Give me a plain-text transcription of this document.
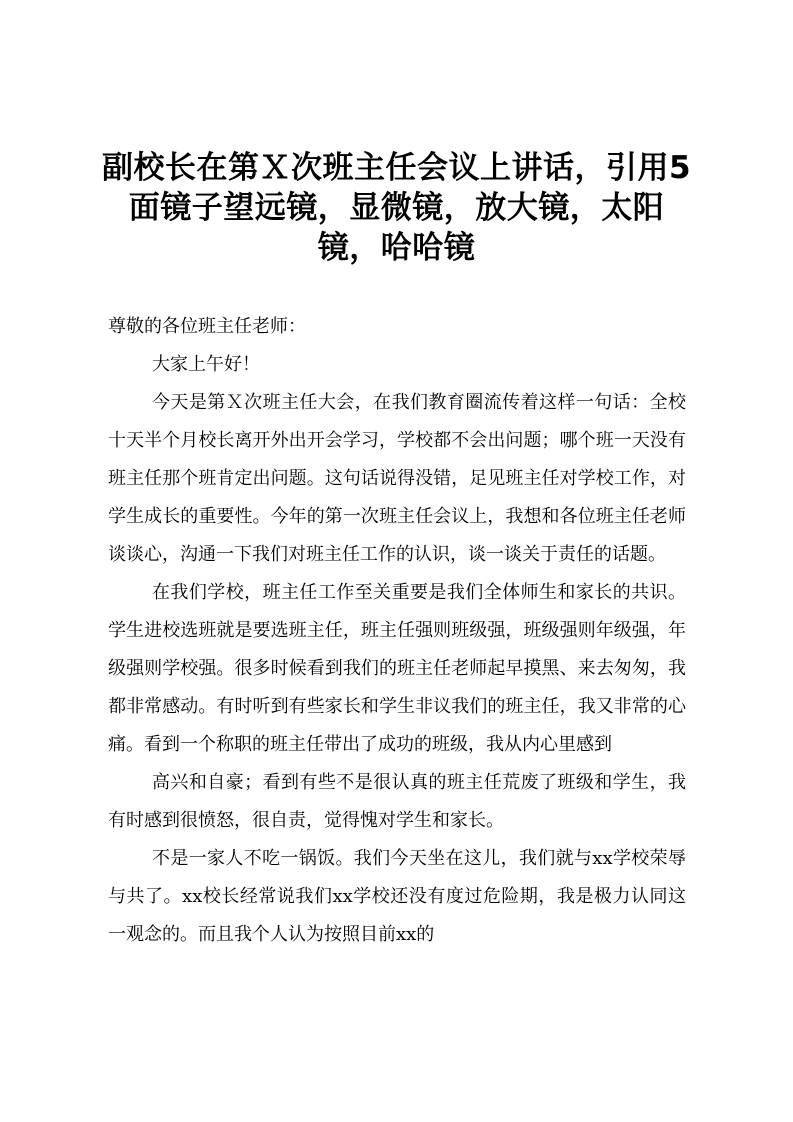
副校长在第Ｘ次班主任会议上讲话，引用5面镜子望远镜，显微镜，放大镜，太阳镜，哈哈镜

尊敬的各位班主任老师：

大家上午好！

今天是第Ｘ次班主任大会，在我们教育圈流传着这样一句话：全校十天半个月校长离开外出开会学习，学校都不会出问题；哪个班一天没有班主任那个班肯定出问题。这句话说得没错，足见班主任对学校工作，对学生成长的重要性。今年的第一次班主任会议上，我想和各位班主任老师谈谈心，沟通一下我们对班主任工作的认识，谈一谈关于责任的话题。

在我们学校，班主任工作至关重要是我们全体师生和家长的共识。学生进校选班就是要选班主任，班主任强则班级强，班级强则年级强，年级强则学校强。很多时候看到我们的班主任老师起早摸黑、来去匆匆，我都非常感动。有时听到有些家长和学生非议我们的班主任，我又非常的心痛。看到一个称职的班主任带出了成功的班级，我从内心里感到

高兴和自豪；看到有些不是很认真的班主任荒废了班级和学生，我有时感到很愤怒，很自责，觉得愧对学生和家长。

不是一家人不吃一锅饭。我们今天坐在这儿，我们就与xx学校荣辱与共了。xx校长经常说我们xx学校还没有度过危险期，我是极力认同这一观念的。而且我个人认为按照目前xx的
